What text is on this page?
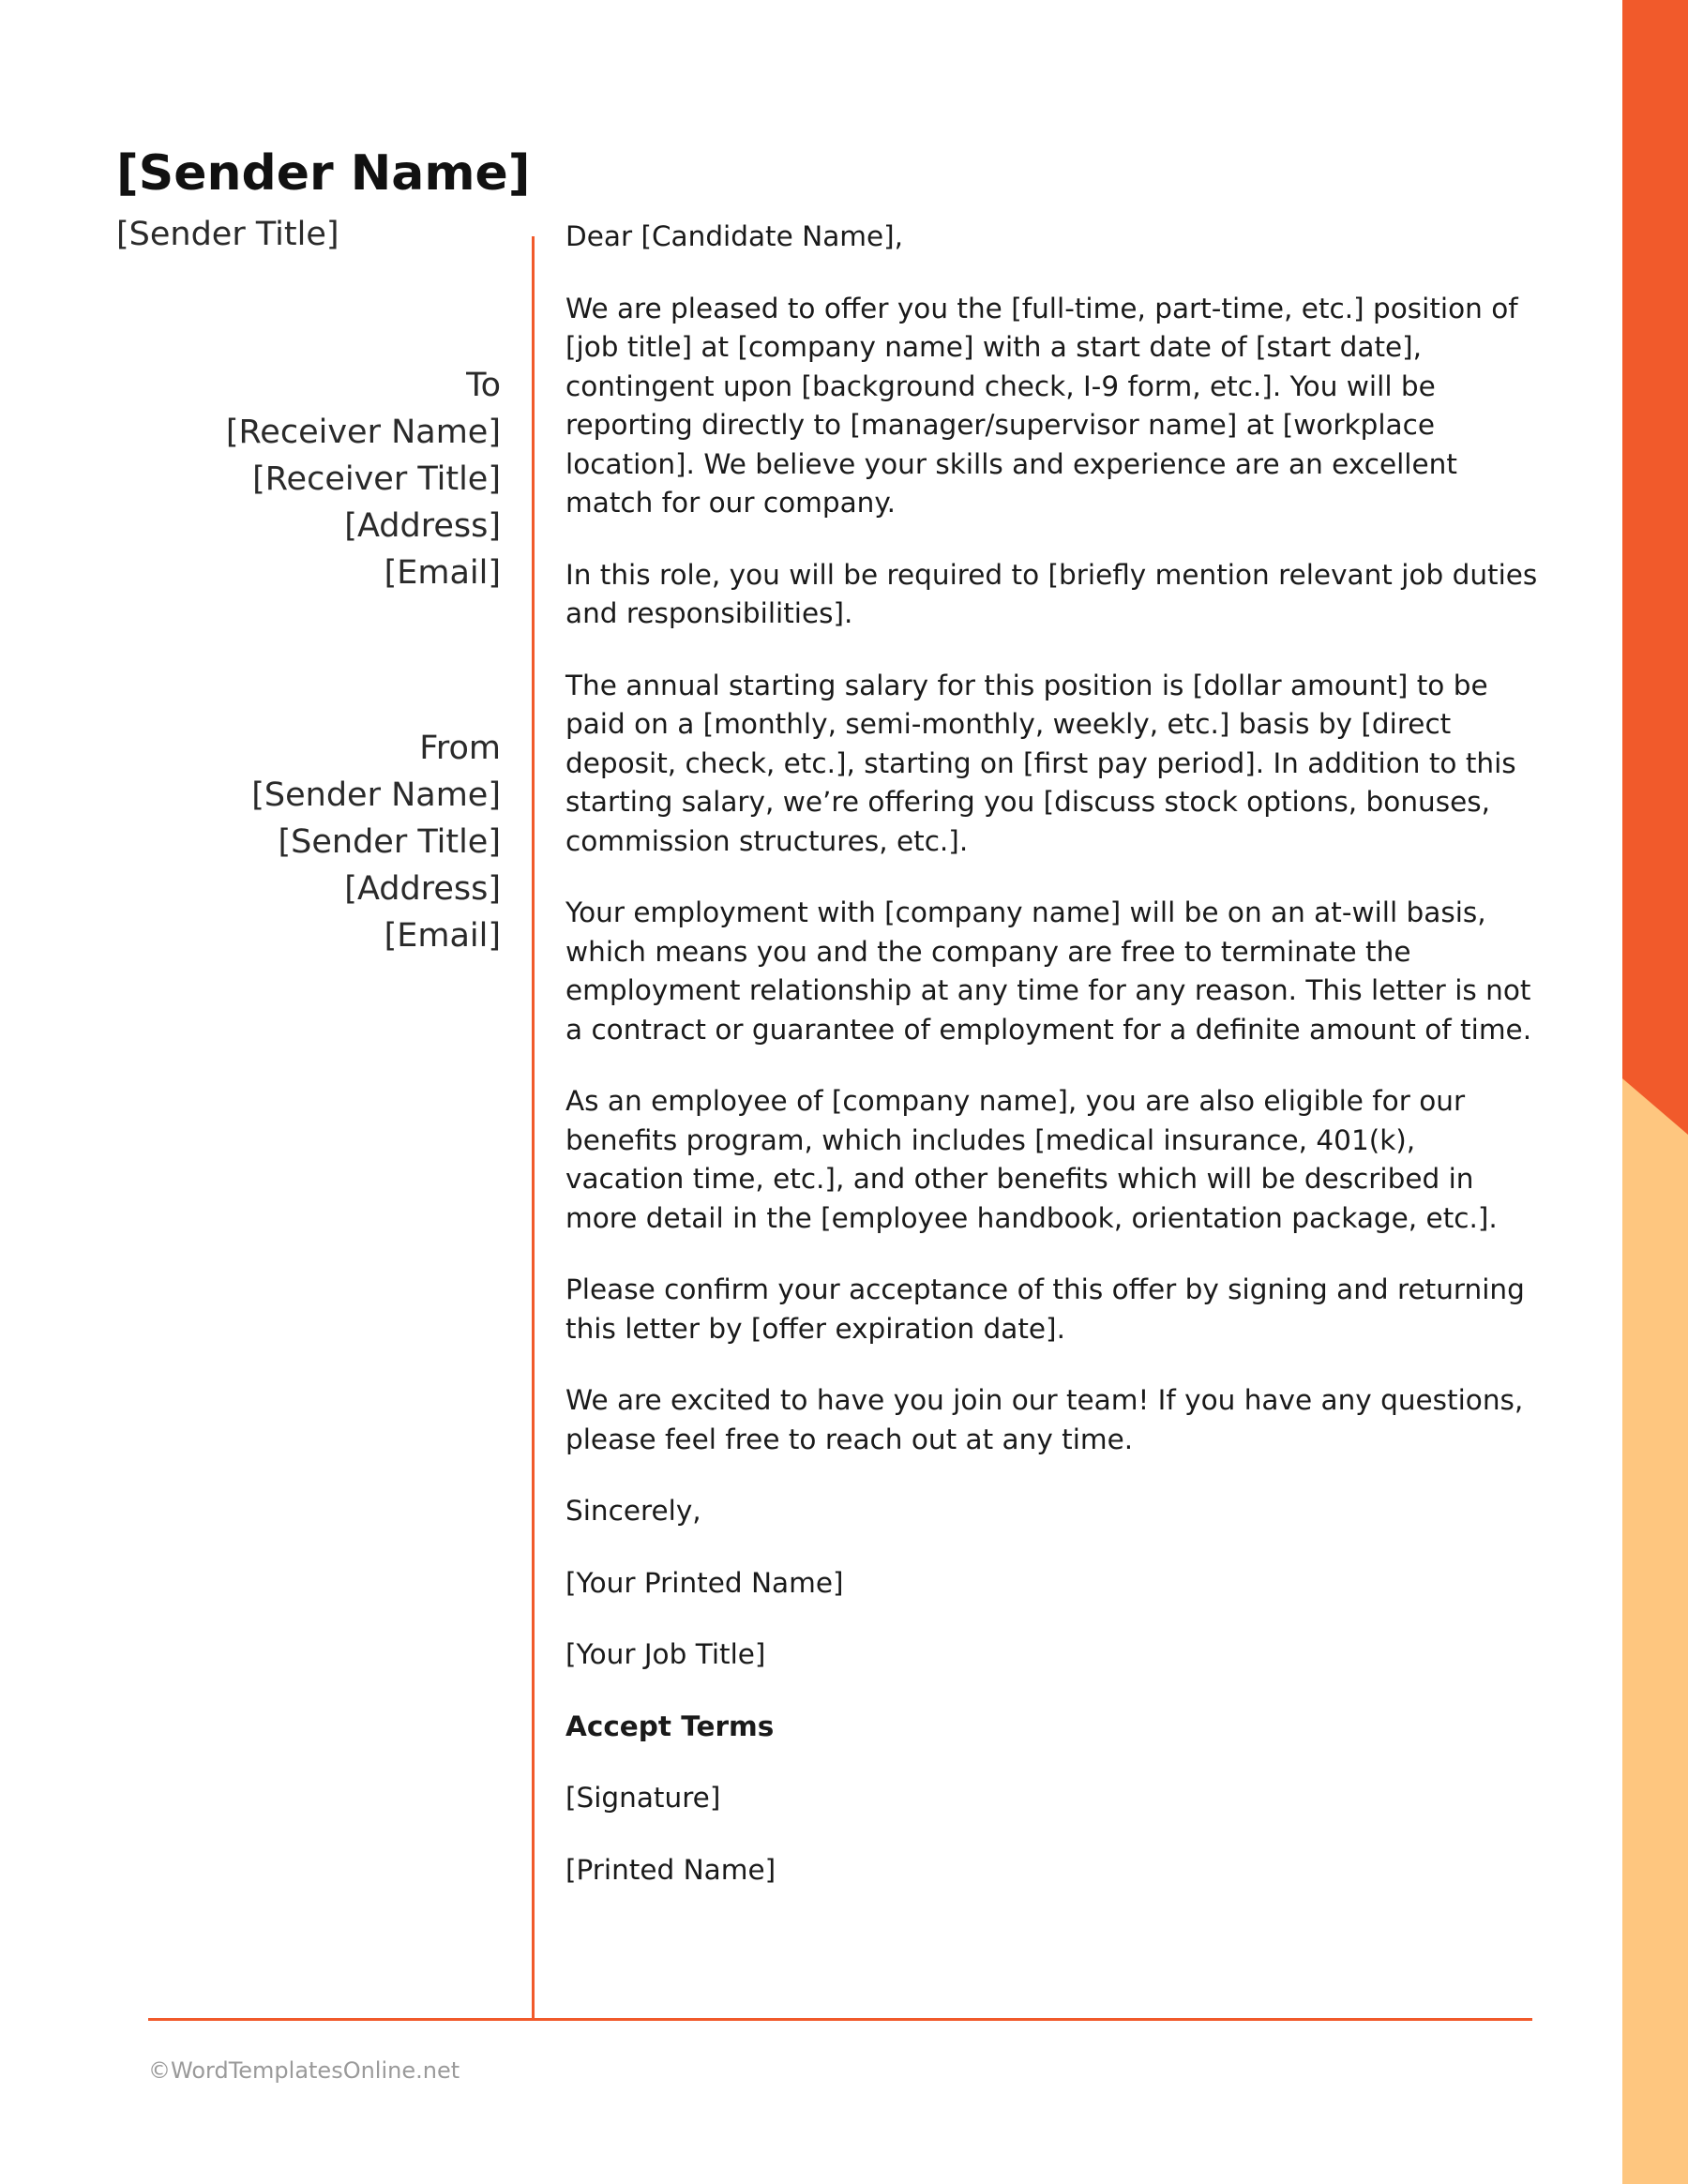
[Sender Name]
[Sender Title]
To
[Receiver Name]
[Receiver Title]
[Address]
[Email]
From
[Sender Name]
[Sender Title]
[Address]
[Email]

Dear [Candidate Name],

We are pleased to offer you the [full-time, part-time, etc.] position of [job title] at [company name] with a start date of [start date], contingent upon [background check, I-9 form, etc.]. You will be reporting directly to [manager/supervisor name] at [workplace location]. We believe your skills and experience are an excellent match for our company.

In this role, you will be required to [briefly mention relevant job duties and responsibilities].

The annual starting salary for this position is [dollar amount] to be paid on a [monthly, semi-monthly, weekly, etc.] basis by [direct deposit, check, etc.], starting on [first pay period]. In addition to this starting salary, we’re offering you [discuss stock options, bonuses, commission structures, etc.].

Your employment with [company name] will be on an at-will basis, which means you and the company are free to terminate the employment relationship at any time for any reason. This letter is not a contract or guarantee of employment for a definite amount of time.

As an employee of [company name], you are also eligible for our benefits program, which includes [medical insurance, 401(k), vacation time, etc.], and other benefits which will be described in more detail in the [employee handbook, orientation package, etc.].

Please confirm your acceptance of this offer by signing and returning this letter by [offer expiration date].

We are excited to have you join our team! If you have any questions, please feel free to reach out at any time.

Sincerely,

[Your Printed Name]

[Your Job Title]

Accept Terms

[Signature]

[Printed Name]

©WordTemplatesOnline.net
